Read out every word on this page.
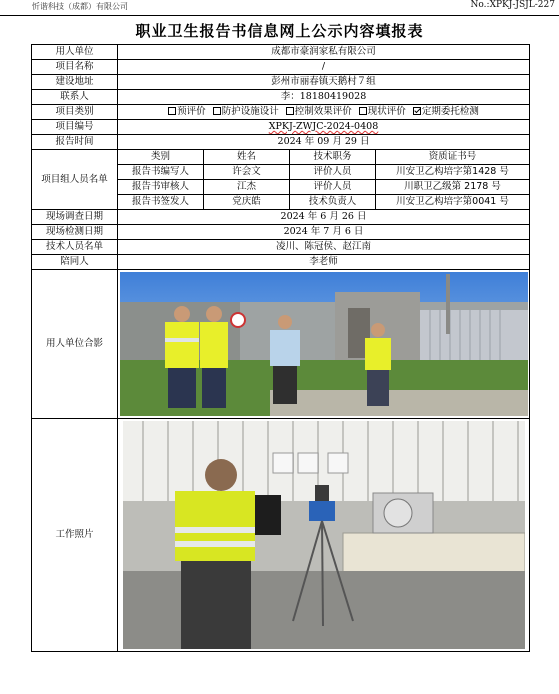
忻谐科技（成都）有限公司	No.:XPKJ-JSJL-227
职业卫生报告书信息网上公示内容填报表
用人单位	成都市豪润家私有限公司			
项目名称	/			
建设地址	彭州市丽春镇天鹅村７组			
联系人	李：18180419028			
项目类别	预评价 防护设施设计 控制效果评价 现状评价 定期委托检测			
项目编号	XPKJ-ZWJC-2024-0408			
报告时间	2024 年 09 月 29 日			
项目组人员名单	类别	姓名	技术职务	资质证书号
	报告书编写人	许会文	评价人员	川安卫乙构培字第1428 号
	报告书审核人	江杰	评价人员	川职卫乙级第 2178 号
	报告书签发人	党庆皓	技术负责人	川安卫乙构培字第0041 号
现场调查日期	2024 年 6 月 26 日			
现场检测日期	2024 年 7 月 6 日			
技术人员名单	凌川、陈冠侯、赵江南			
陪同人	李老师			
用人单位合影	

工作照片	
